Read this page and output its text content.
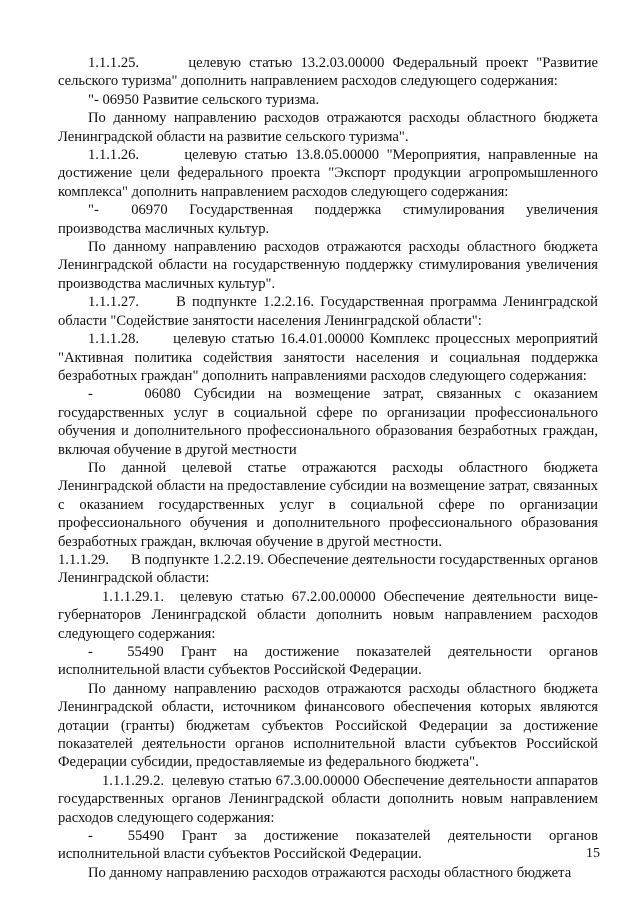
1.1.1.25.      целевую статью 13.2.03.00000 Федеральный проект "Развитие сельского туризма" дополнить направлением расходов следующего содержания:

"- 06950 Развитие сельского туризма.

По данному направлению расходов отражаются расходы областного бюджета Ленинградской области на развитие сельского туризма".

1.1.1.26.      целевую статью 13.8.05.00000 "Мероприятия, направленные на достижение цели федерального проекта "Экспорт продукции агропромышленного комплекса" дополнить направлением расходов следующего содержания:

"-      06970    Государственная    поддержка    стимулирования    увеличения производства масличных культур.

По данному направлению расходов отражаются расходы областного бюджета Ленинградской области на государственную поддержку стимулирования увеличения производства масличных культур".

1.1.1.27.      В подпункте 1.2.2.16. Государственная программа Ленинградской области "Содействие занятости населения Ленинградской области":

1.1.1.28.      целевую статью 16.4.01.00000 Комплекс процессных мероприятий "Активная политика содействия занятости населения и социальная поддержка безработных граждан" дополнить направлениями расходов следующего содержания:

-    06080 Субсидии на возмещение затрат, связанных с оказанием государственных услуг в социальной сфере по организации профессионального обучения и дополнительного профессионального образования безработных граждан, включая обучение в другой местности

По данной целевой статье отражаются расходы областного бюджета Ленинградской области на предоставление субсидии на возмещение затрат, связанных с оказанием государственных услуг в социальной сфере по организации профессионального обучения и дополнительного профессионального образования безработных граждан, включая обучение в другой местности.

1.1.1.29.      В подпункте 1.2.2.19. Обеспечение деятельности государственных органов Ленинградской области:

1.1.1.29.1.  целевую статью 67.2.00.00000 Обеспечение деятельности вице-губернаторов Ленинградской области дополнить новым направлением расходов следующего содержания:

-    55490  Грант  на  достижение  показателей  деятельности  органов исполнительной власти субъектов Российской Федерации.

По данному направлению расходов отражаются расходы областного бюджета Ленинградской области, источником финансового обеспечения которых являются дотации (гранты) бюджетам субъектов Российской Федерации за достижение показателей деятельности органов исполнительной власти субъектов Российской Федерации субсидии, предоставляемые из федерального бюджета".

1.1.1.29.2.  целевую статью 67.3.00.00000 Обеспечение деятельности аппаратов государственных органов Ленинградской области дополнить новым направлением расходов следующего содержания:

-    55490  Грант  за  достижение  показателей  деятельности  органов исполнительной власти субъектов Российской Федерации.

По данному направлению расходов отражаются расходы областного бюджета

15
